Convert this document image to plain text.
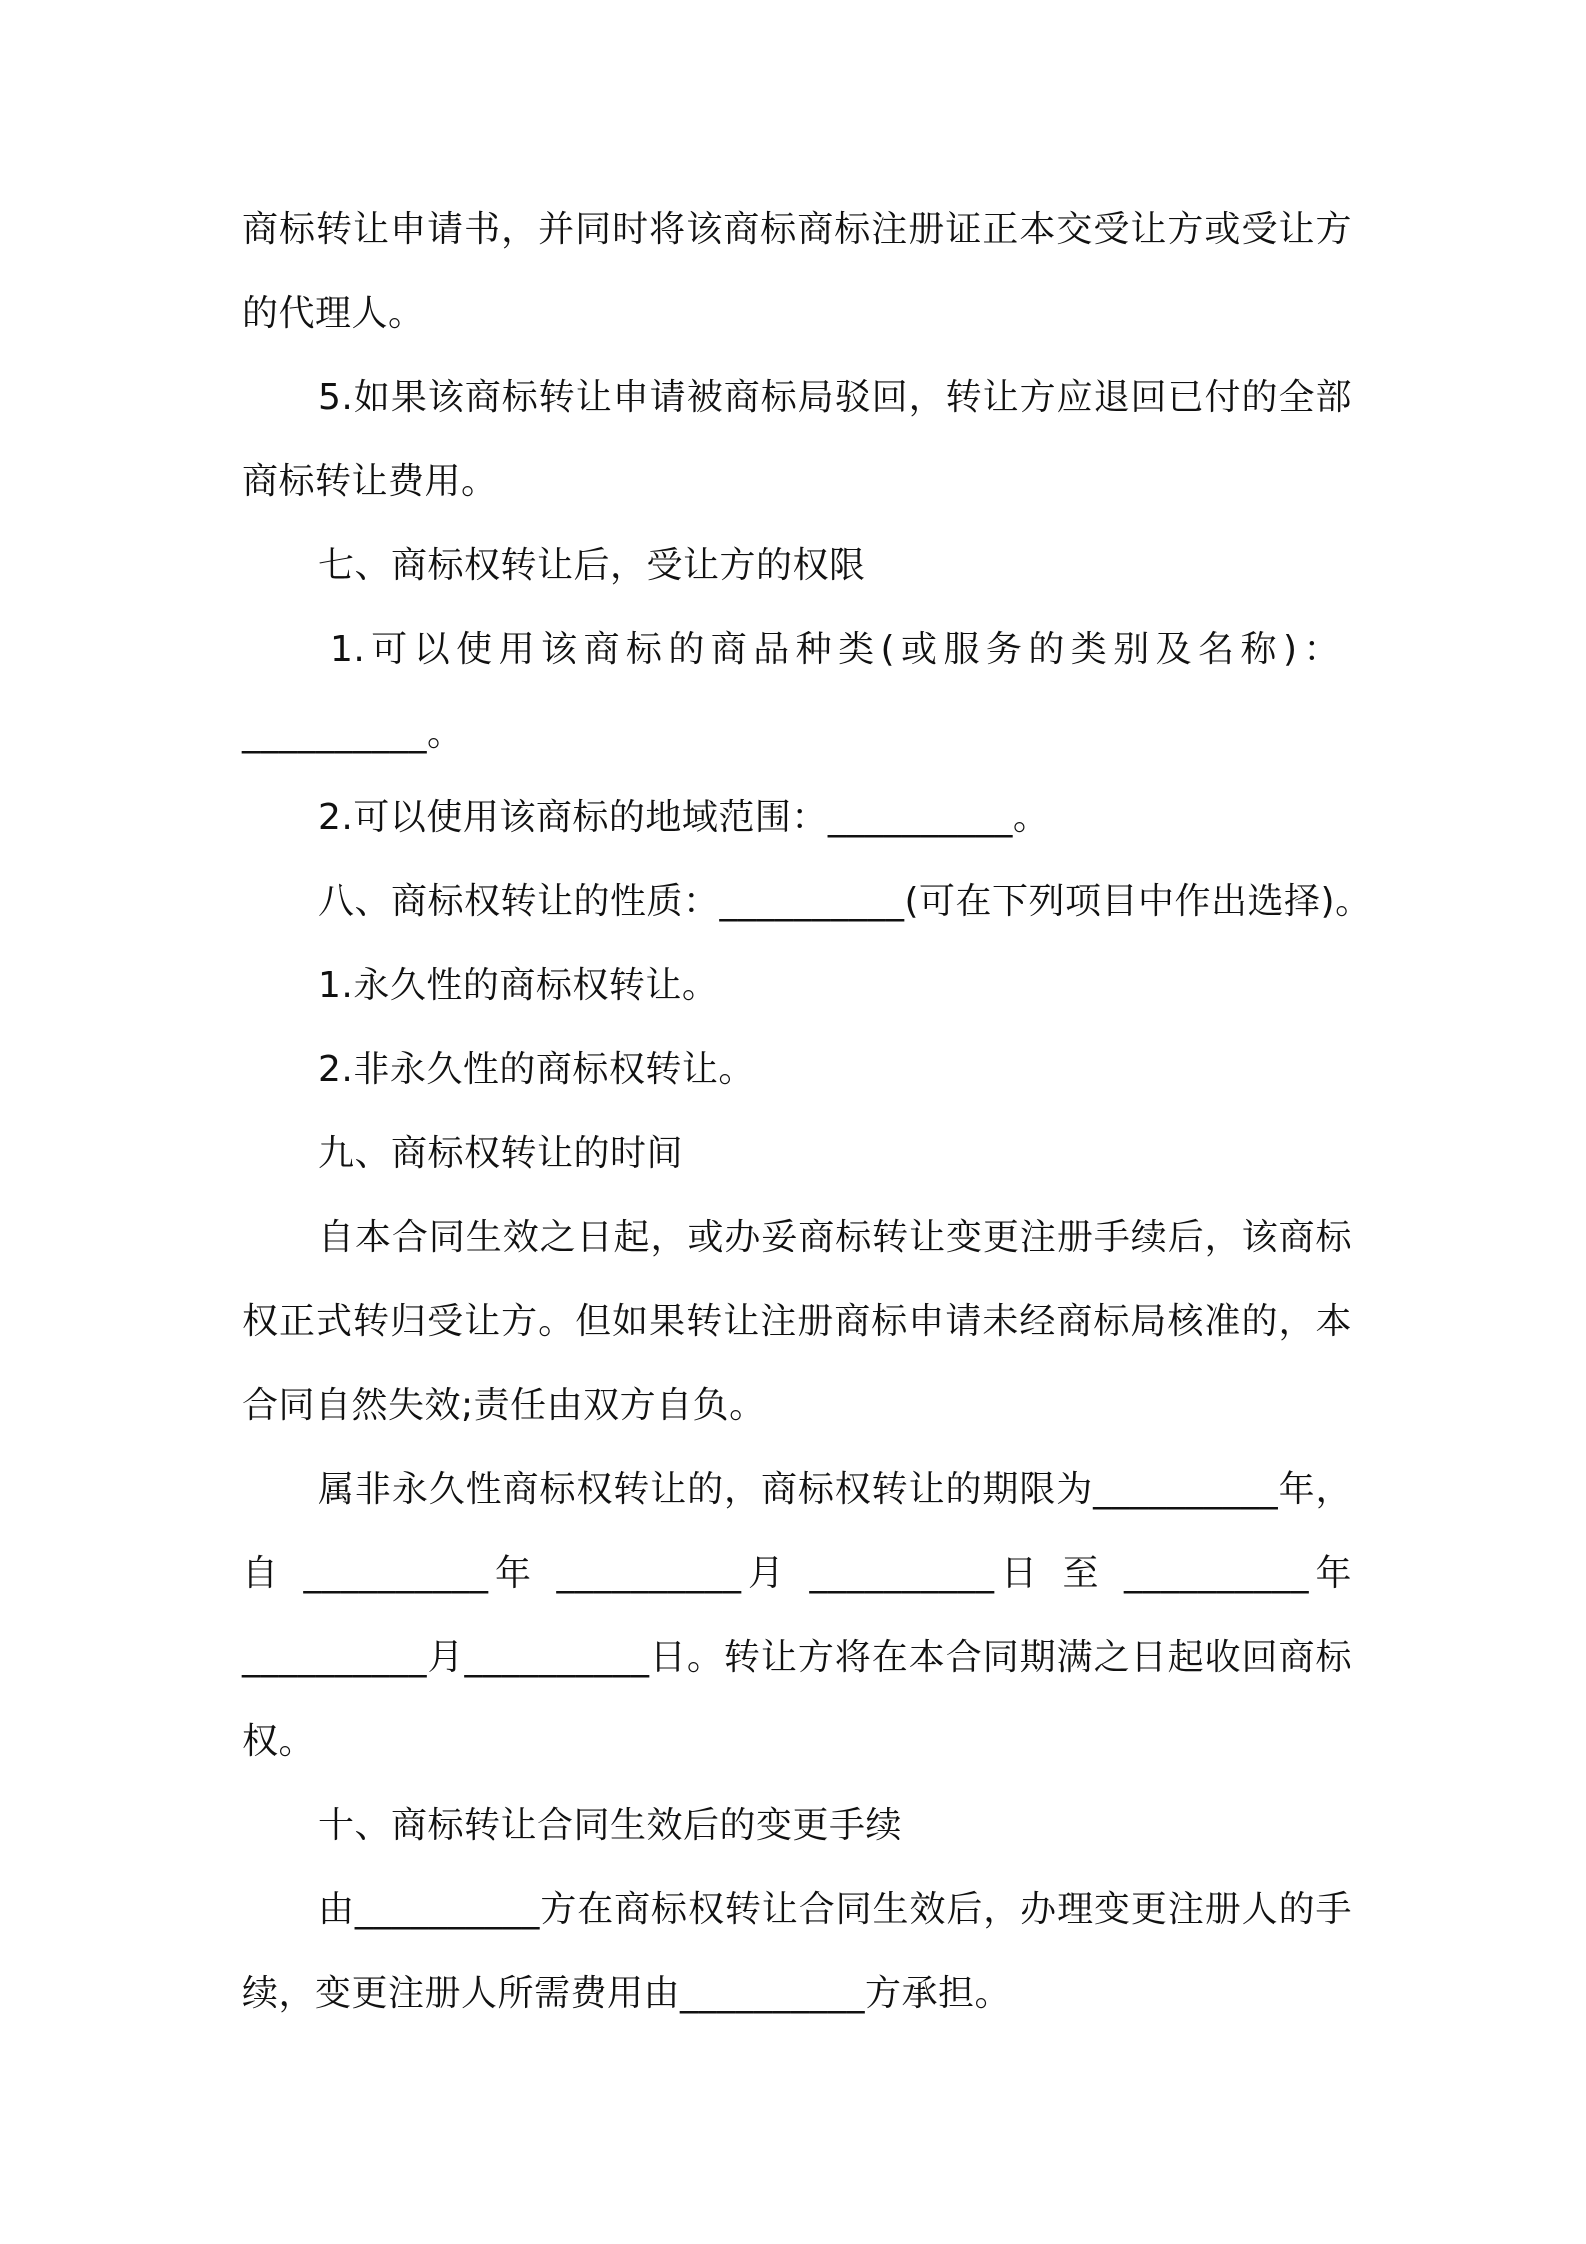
商标转让申请书，并同时将该商标商标注册证正本交受让方或受让方
的代理人。
5.如果该商标转让申请被商标局驳回，转让方应退回已付的全部
商标转让费用。
七、商标权转让后，受让方的权限
1.可以使用该商标的商品种类(或服务的类别及名称)：
__________。
2.可以使用该商标的地域范围：__________。
八、商标权转让的性质：__________(可在下列项目中作出选择)。
1.永久性的商标权转让。
2.非永久性的商标权转让。
九、商标权转让的时间
自本合同生效之日起，或办妥商标转让变更注册手续后，该商标
权正式转归受让方。但如果转让注册商标申请未经商标局核准的，本
合同自然失效;责任由双方自负。
属非永久性商标权转让的，商标权转让的期限为__________年，
自 __________年 __________月 __________日 至 __________年
__________月__________日。转让方将在本合同期满之日起收回商标
权。
十、商标转让合同生效后的变更手续
由__________方在商标权转让合同生效后，办理变更注册人的手
续，变更注册人所需费用由__________方承担。
